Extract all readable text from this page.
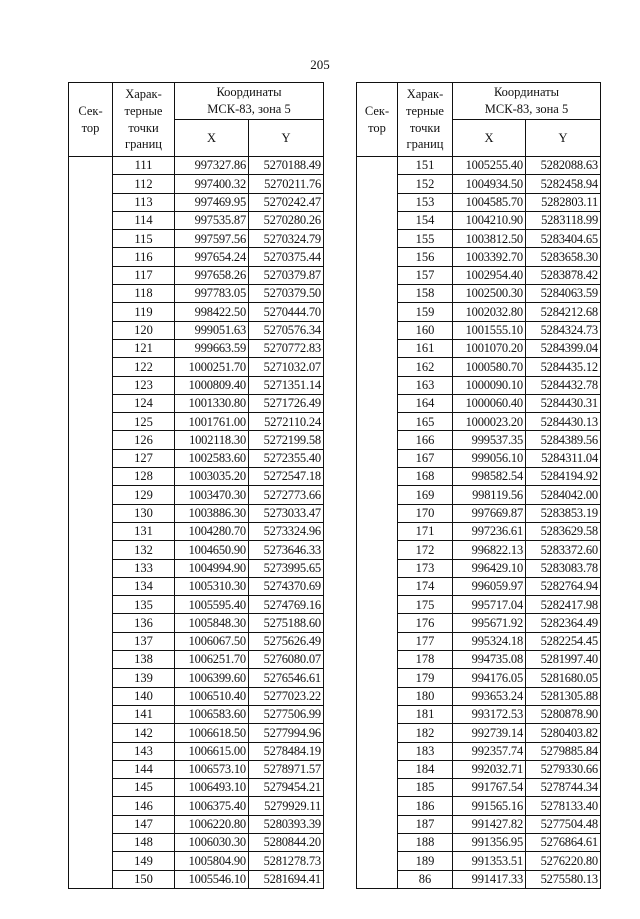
205
Сек-
тор	Харак-
терные
точки
границ	Координаты
МСК-83, зона 5	
		X	Y
	111	997327.86	5270188.49
	112	997400.32	5270211.76
	113	997469.95	5270242.47
	114	997535.87	5270280.26
	115	997597.56	5270324.79
	116	997654.24	5270375.44
	117	997658.26	5270379.87
	118	997783.05	5270379.50
	119	998422.50	5270444.70
	120	999051.63	5270576.34
	121	999663.59	5270772.83
	122	1000251.70	5271032.07
	123	1000809.40	5271351.14
	124	1001330.80	5271726.49
	125	1001761.00	5272110.24
	126	1002118.30	5272199.58
	127	1002583.60	5272355.40
	128	1003035.20	5272547.18
	129	1003470.30	5272773.66
	130	1003886.30	5273033.47
	131	1004280.70	5273324.96
	132	1004650.90	5273646.33
	133	1004994.90	5273995.65
	134	1005310.30	5274370.69
	135	1005595.40	5274769.16
	136	1005848.30	5275188.60
	137	1006067.50	5275626.49
	138	1006251.70	5276080.07
	139	1006399.60	5276546.61
	140	1006510.40	5277023.22
	141	1006583.60	5277506.99
	142	1006618.50	5277994.96
	143	1006615.00	5278484.19
	144	1006573.10	5278971.57
	145	1006493.10	5279454.21
	146	1006375.40	5279929.11
	147	1006220.80	5280393.39
	148	1006030.30	5280844.20
	149	1005804.90	5281278.73
	150	1005546.10	5281694.41
Сек-
тор	Харак-
терные
точки
границ	Координаты
МСК-83, зона 5	
		X	Y
	151	1005255.40	5282088.63
	152	1004934.50	5282458.94
	153	1004585.70	5282803.11
	154	1004210.90	5283118.99
	155	1003812.50	5283404.65
	156	1003392.70	5283658.30
	157	1002954.40	5283878.42
	158	1002500.30	5284063.59
	159	1002032.80	5284212.68
	160	1001555.10	5284324.73
	161	1001070.20	5284399.04
	162	1000580.70	5284435.12
	163	1000090.10	5284432.78
	164	1000060.40	5284430.31
	165	1000023.20	5284430.13
	166	999537.35	5284389.56
	167	999056.10	5284311.04
	168	998582.54	5284194.92
	169	998119.56	5284042.00
	170	997669.87	5283853.19
	171	997236.61	5283629.58
	172	996822.13	5283372.60
	173	996429.10	5283083.78
	174	996059.97	5282764.94
	175	995717.04	5282417.98
	176	995671.92	5282364.49
	177	995324.18	5282254.45
	178	994735.08	5281997.40
	179	994176.05	5281680.05
	180	993653.24	5281305.88
	181	993172.53	5280878.90
	182	992739.14	5280403.82
	183	992357.74	5279885.84
	184	992032.71	5279330.66
	185	991767.54	5278744.34
	186	991565.16	5278133.40
	187	991427.82	5277504.48
	188	991356.95	5276864.61
	189	991353.51	5276220.80
	86	991417.33	5275580.13
